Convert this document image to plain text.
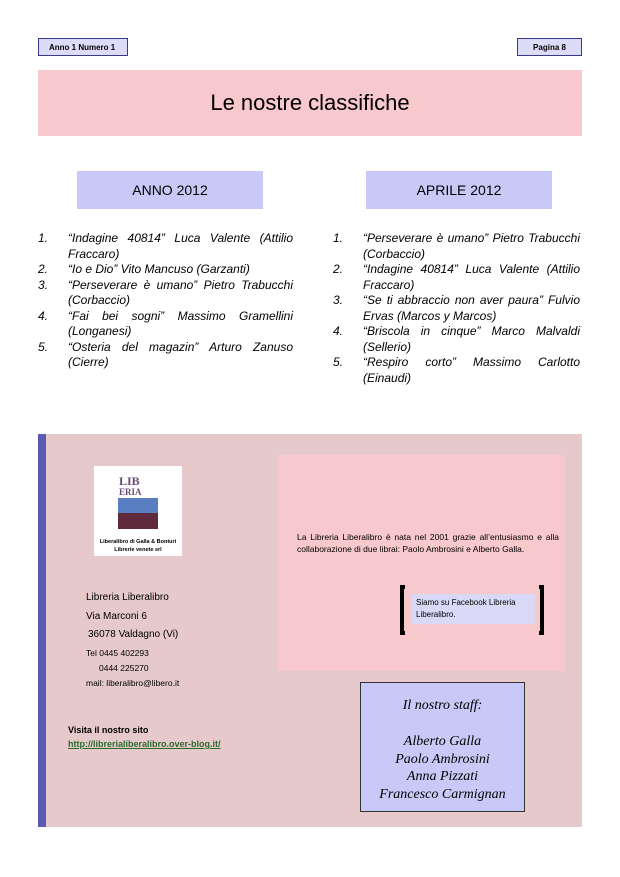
Anno 1 Numero 1	Pagina 8
Le nostre classifiche
ANNO 2012	APRILE 2012
1. “Indagine 40814” Luca Valente (Attilio Fraccaro)
2. “Io e Dio” Vito Mancuso (Garzanti)
3. “Perseverare è umano” Pietro Trabucchi (Corbaccio)
4. “Fai bei sogni” Massimo Gramellini (Longanesi)
5. “Osteria del magazin” Arturo Zanuso (Cierre)
1. “Perseverare è umano” Pietro Trabucchi (Corbaccio)
2. “Indagine 40814” Luca Valente (Attilio Fraccaro)
3. “Se ti abbraccio non aver paura” Fulvio Ervas (Marcos y Marcos)
4. “Briscola in cinque” Marco Malvaldi (Sellerio)
5. “Respiro corto” Massimo Carlotto (Einaudi)
LIB
ERIA
Liberalibro di Galla & Bonturi
Librerie venete srl
Libreria Liberalibro
Via Marconi 6
36078 Valdagno (Vi)
Tel 0445 402293
0444 225270
mail: liberalibro@libero.it
Visita il nostro sito
http://librerialiberalibro.over-blog.it/
La Libreria Liberalibro è nata nel 2001 grazie all’entusiasmo e alla collaborazione di due librai: Paolo Ambrosini e Alberto Galla.
Siamo su Facebook Libreria Liberalibro.
Il nostro staff:
Alberto Galla
Paolo Ambrosini
Anna Pizzati
Francesco Carmignan
